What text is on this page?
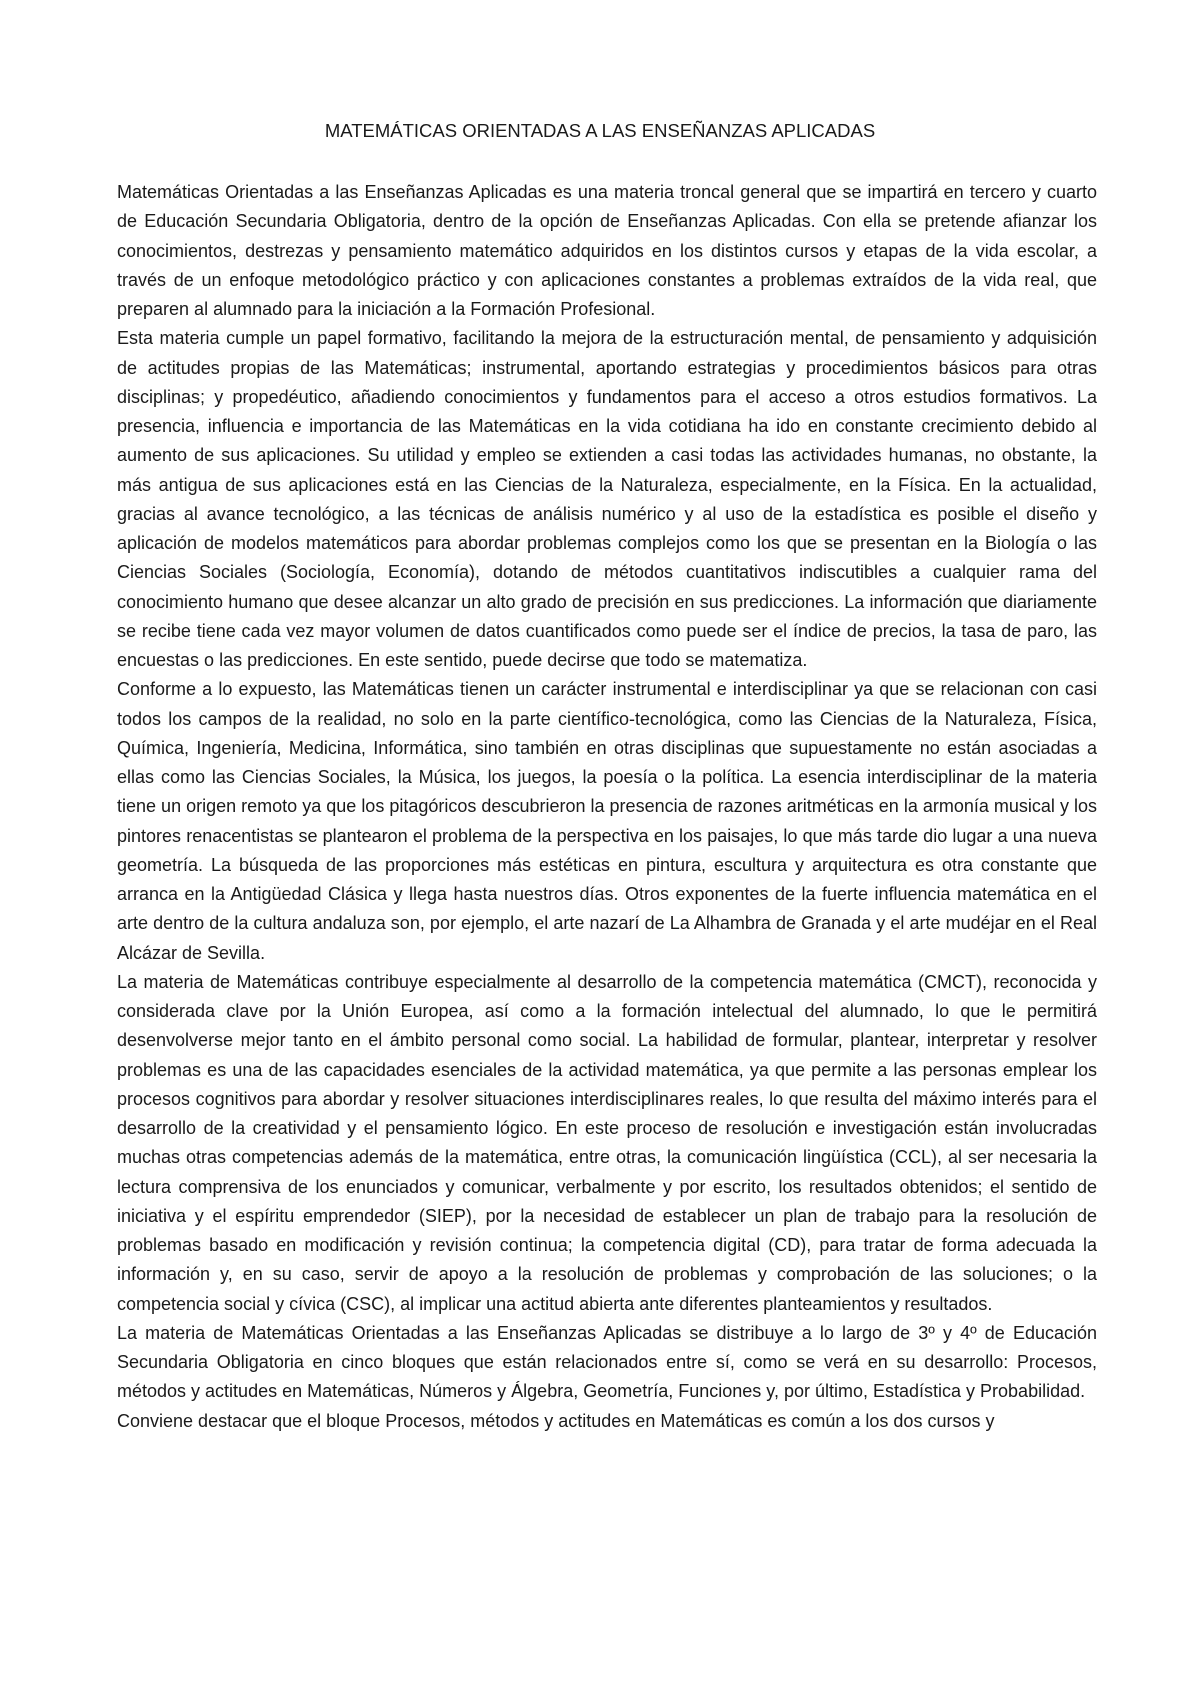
MATEMÁTICAS ORIENTADAS A LAS ENSEÑANZAS APLICADAS

Matemáticas Orientadas a las Enseñanzas Aplicadas es una materia troncal general que se impartirá en tercero y cuarto de Educación Secundaria Obligatoria, dentro de la opción de Enseñanzas Aplicadas. Con ella se pretende afianzar los conocimientos, destrezas y pensamiento matemático adquiridos en los distintos cursos y etapas de la vida escolar, a través de un enfoque metodológico práctico y con aplicaciones constantes a problemas extraídos de la vida real, que preparen al alumnado para la iniciación a la Formación Profesional.

Esta materia cumple un papel formativo, facilitando la mejora de la estructuración mental, de pensamiento y adquisición de actitudes propias de las Matemáticas; instrumental, aportando estrategias y procedimientos básicos para otras disciplinas; y propedéutico, añadiendo conocimientos y fundamentos para el acceso a otros estudios formativos. La presencia, influencia e importancia de las Matemáticas en la vida cotidiana ha ido en constante crecimiento debido al aumento de sus aplicaciones. Su utilidad y empleo se extienden a casi todas las actividades humanas, no obstante, la más antigua de sus aplicaciones está en las Ciencias de la Naturaleza, especialmente, en la Física. En la actualidad, gracias al avance tecnológico, a las técnicas de análisis numérico y al uso de la estadística es posible el diseño y aplicación de modelos matemáticos para abordar problemas complejos como los que se presentan en la Biología o las Ciencias Sociales (Sociología, Economía), dotando de métodos cuantitativos indiscutibles a cualquier rama del conocimiento humano que desee alcanzar un alto grado de precisión en sus predicciones. La información que diariamente se recibe tiene cada vez mayor volumen de datos cuantificados como puede ser el índice de precios, la tasa de paro, las encuestas o las predicciones. En este sentido, puede decirse que todo se matematiza.

Conforme a lo expuesto, las Matemáticas tienen un carácter instrumental e interdisciplinar ya que se relacionan con casi todos los campos de la realidad, no solo en la parte científico-tecnológica, como las Ciencias de la Naturaleza, Física, Química, Ingeniería, Medicina, Informática, sino también en otras disciplinas que supuestamente no están asociadas a ellas como las Ciencias Sociales, la Música, los juegos, la poesía o la política. La esencia interdisciplinar de la materia tiene un origen remoto ya que los pitagóricos descubrieron la presencia de razones aritméticas en la armonía musical y los pintores renacentistas se plantearon el problema de la perspectiva en los paisajes, lo que más tarde dio lugar a una nueva geometría. La búsqueda de las proporciones más estéticas en pintura, escultura y arquitectura es otra constante que arranca en la Antigüedad Clásica y llega hasta nuestros días. Otros exponentes de la fuerte influencia matemática en el arte dentro de la cultura andaluza son, por ejemplo, el arte nazarí de La Alhambra de Granada y el arte mudéjar en el Real Alcázar de Sevilla.

La materia de Matemáticas contribuye especialmente al desarrollo de la competencia matemática (CMCT), reconocida y considerada clave por la Unión Europea, así como a la formación intelectual del alumnado, lo que le permitirá desenvolverse mejor tanto en el ámbito personal como social. La habilidad de formular, plantear, interpretar y resolver problemas es una de las capacidades esenciales de la actividad matemática, ya que permite a las personas emplear los procesos cognitivos para abordar y resolver situaciones interdisciplinares reales, lo que resulta del máximo interés para el desarrollo de la creatividad y el pensamiento lógico. En este proceso de resolución e investigación están involucradas muchas otras competencias además de la matemática, entre otras, la comunicación lingüística (CCL), al ser necesaria la lectura comprensiva de los enunciados y comunicar, verbalmente y por escrito, los resultados obtenidos; el sentido de iniciativa y el espíritu emprendedor (SIEP), por la necesidad de establecer un plan de trabajo para la resolución de problemas basado en modificación y revisión continua; la competencia digital (CD), para tratar de forma adecuada la información y, en su caso, servir de apoyo a la resolución de problemas y comprobación de las soluciones; o la competencia social y cívica (CSC), al implicar una actitud abierta ante diferentes planteamientos y resultados.

La materia de Matemáticas Orientadas a las Enseñanzas Aplicadas se distribuye a lo largo de 3º y 4º de Educación Secundaria Obligatoria en cinco bloques que están relacionados entre sí, como se verá en su desarrollo: Procesos, métodos y actitudes en Matemáticas, Números y Álgebra, Geometría, Funciones y, por último, Estadística y Probabilidad.

Conviene destacar que el bloque Procesos, métodos y actitudes en Matemáticas es común a los dos cursos y
